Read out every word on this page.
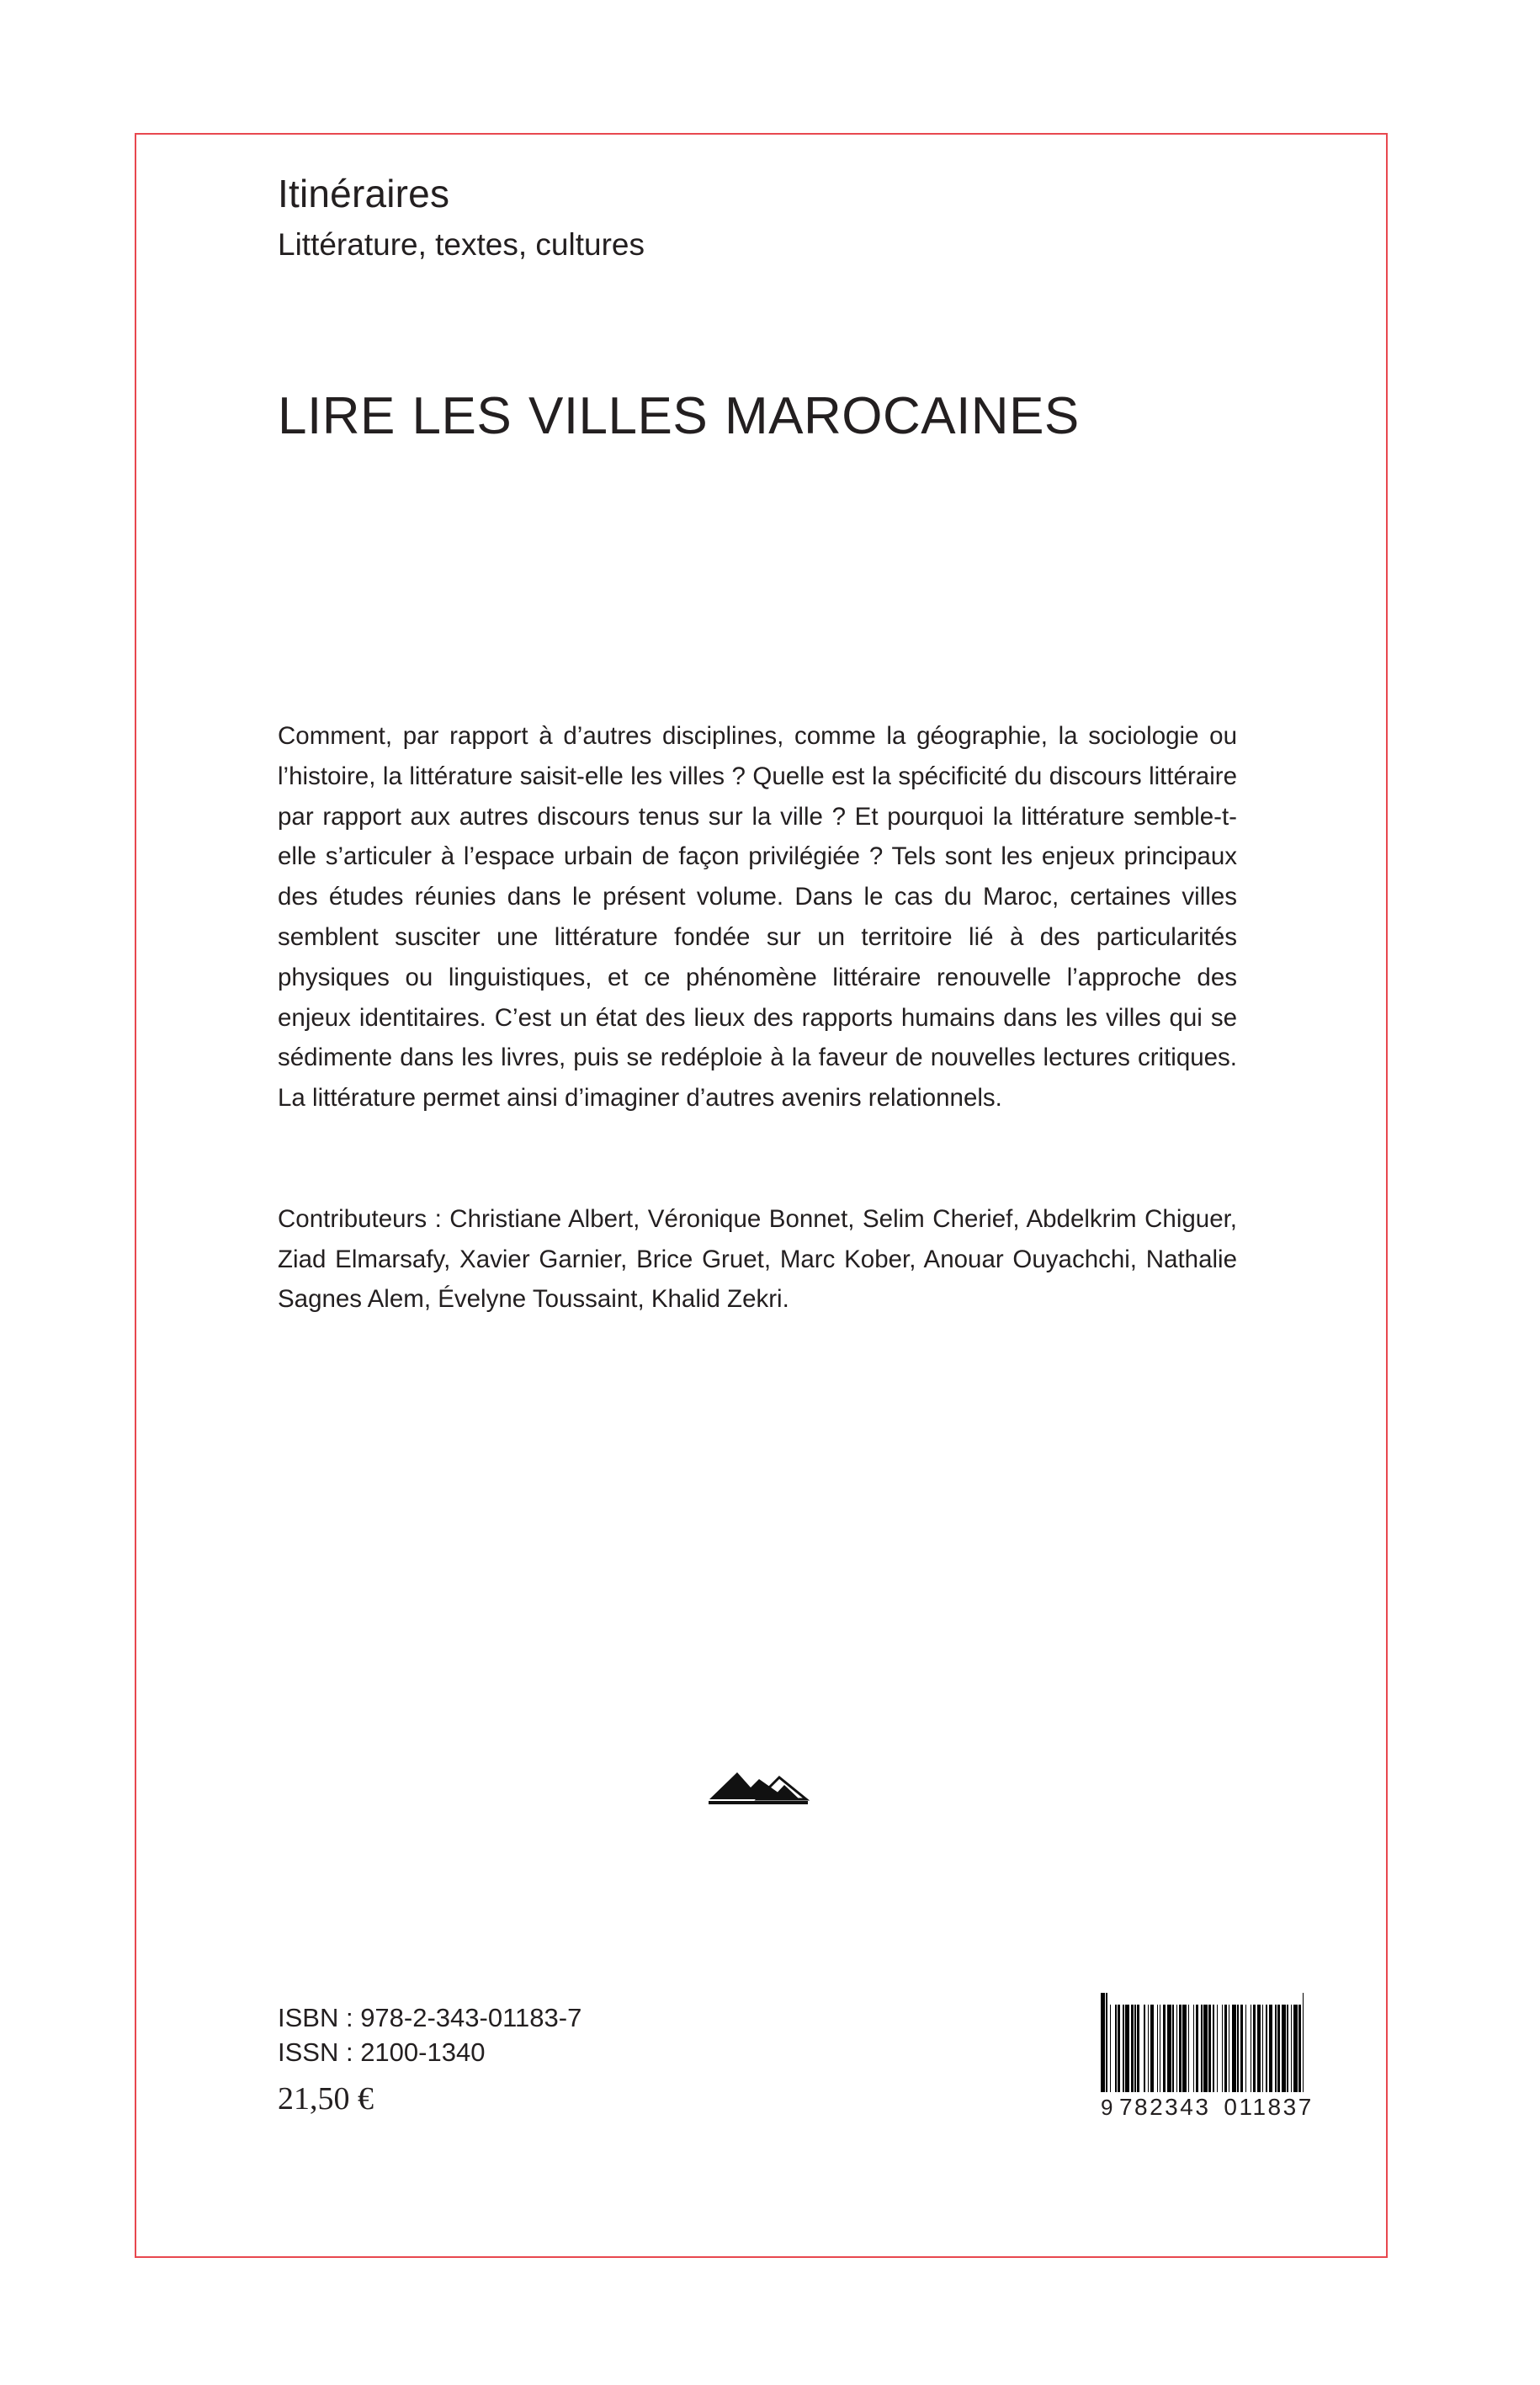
Itinéraires
Littérature, textes, cultures
LIRE LES VILLES MAROCAINES

Comment, par rapport à d’autres disciplines, comme la géographie, la sociologie ou l’histoire, la littérature saisit-elle les villes ? Quelle est la spécificité du discours littéraire par rapport aux autres discours tenus sur la ville ? Et pourquoi la littérature semble-t-elle s’articuler à l’espace urbain de façon privilégiée ? Tels sont les enjeux principaux des études réunies dans le présent volume. Dans le cas du Maroc, certaines villes semblent susciter une littérature fondée sur un territoire lié à des particularités physiques ou linguistiques, et ce phénomène littéraire renouvelle l’approche des enjeux identitaires. C’est un état des lieux des rapports humains dans les villes qui se sédimente dans les livres, puis se redéploie à la faveur de nouvelles lectures critiques. La littérature permet ainsi d’imaginer d’autres avenirs relationnels.

Contributeurs : Christiane Albert, Véronique Bonnet, Selim Cherief, Abdelkrim Chiguer, Ziad Elmarsafy, Xavier Garnier, Brice Gruet, Marc Kober, Anouar Ouyachchi, Nathalie Sagnes Alem, Évelyne Toussaint, Khalid Zekri.

ISBN : 978-2-343-01183-7
ISSN : 2100-1340
21,50 €	9 782343 011837
